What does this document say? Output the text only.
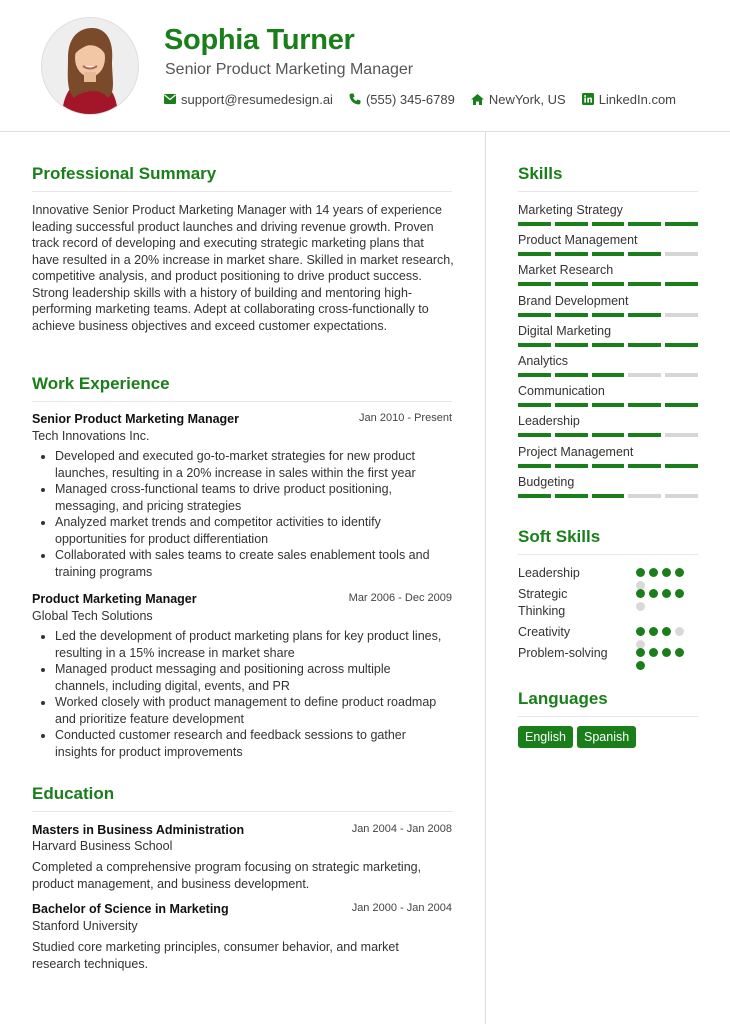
Sophia Turner
Senior Product Marketing Manager
support@resumedesign.ai	(555) 345-6789	NewYork, US	LinkedIn.com
Professional Summary
Innovative Senior Product Marketing Manager with 14 years of experience
leading successful product launches and driving revenue growth. Proven
track record of developing and executing strategic marketing plans that
have resulted in a 20% increase in market share. Skilled in market research,
competitive analysis, and product positioning to drive product success.
Strong leadership skills with a history of building and mentoring high-
performing marketing teams. Adept at collaborating cross-functionally to
achieve business objectives and exceed customer expectations.
Work Experience
Senior Product Marketing Manager	Jan 2010 - Present
Tech Innovations Inc.
• Developed and executed go-to-market strategies for new product
launches, resulting in a 20% increase in sales within the first year
• Managed cross-functional teams to drive product positioning,
messaging, and pricing strategies
• Analyzed market trends and competitor activities to identify
opportunities for product differentiation
• Collaborated with sales teams to create sales enablement tools and
training programs
Product Marketing Manager	Mar 2006 - Dec 2009
Global Tech Solutions
• Led the development of product marketing plans for key product lines,
resulting in a 15% increase in market share
• Managed product messaging and positioning across multiple
channels, including digital, events, and PR
• Worked closely with product management to define product roadmap
and prioritize feature development
• Conducted customer research and feedback sessions to gather
insights for product improvements
Education
Masters in Business Administration	Jan 2004 - Jan 2008
Harvard Business School
Completed a comprehensive program focusing on strategic marketing,
product management, and business development.
Bachelor of Science in Marketing	Jan 2000 - Jan 2004
Stanford University
Studied core marketing principles, consumer behavior, and market
research techniques.
Skills
Marketing Strategy
Product Management
Market Research
Brand Development
Digital Marketing
Analytics
Communication
Leadership
Project Management
Budgeting
Soft Skills
Leadership
Strategic
Thinking
Creativity
Problem-solving
Languages
English	Spanish
